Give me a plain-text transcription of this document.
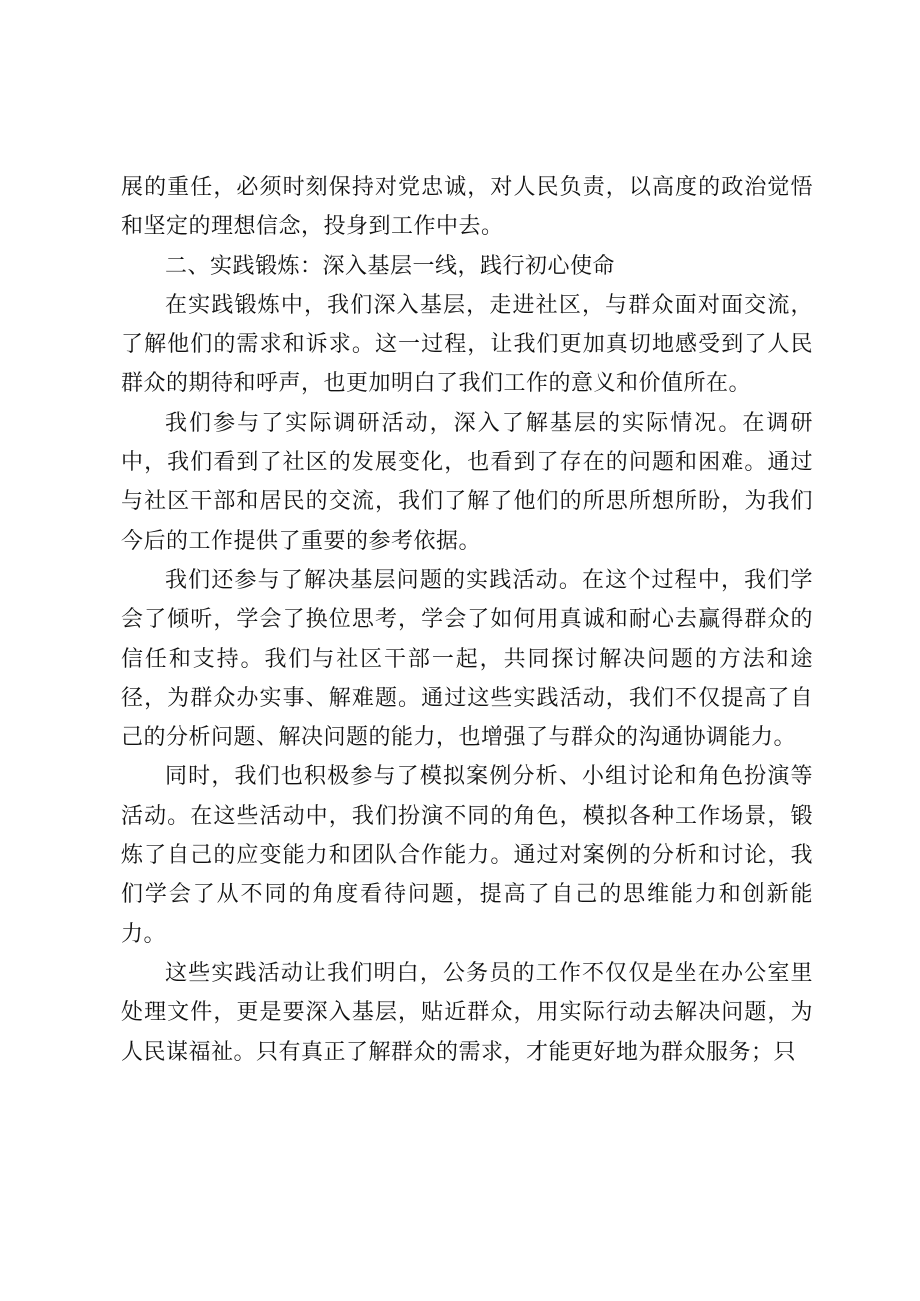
展的重任，必须时刻保持对党忠诚，对人民负责，以高度的政治觉悟和坚定的理想信念，投身到工作中去。

二、实践锻炼：深入基层一线，践行初心使命

在实践锻炼中，我们深入基层，走进社区，与群众面对面交流，了解他们的需求和诉求。这一过程，让我们更加真切地感受到了人民群众的期待和呼声，也更加明白了我们工作的意义和价值所在。

我们参与了实际调研活动，深入了解基层的实际情况。在调研中，我们看到了社区的发展变化，也看到了存在的问题和困难。通过与社区干部和居民的交流，我们了解了他们的所思所想所盼，为我们今后的工作提供了重要的参考依据。

我们还参与了解决基层问题的实践活动。在这个过程中，我们学会了倾听，学会了换位思考，学会了如何用真诚和耐心去赢得群众的信任和支持。我们与社区干部一起，共同探讨解决问题的方法和途径，为群众办实事、解难题。通过这些实践活动，我们不仅提高了自己的分析问题、解决问题的能力，也增强了与群众的沟通协调能力。

同时，我们也积极参与了模拟案例分析、小组讨论和角色扮演等活动。在这些活动中，我们扮演不同的角色，模拟各种工作场景，锻炼了自己的应变能力和团队合作能力。通过对案例的分析和讨论，我们学会了从不同的角度看待问题，提高了自己的思维能力和创新能力。

这些实践活动让我们明白，公务员的工作不仅仅是坐在办公室里处理文件，更是要深入基层，贴近群众，用实际行动去解决问题，为人民谋福祉。只有真正了解群众的需求，才能更好地为群众服务；只
